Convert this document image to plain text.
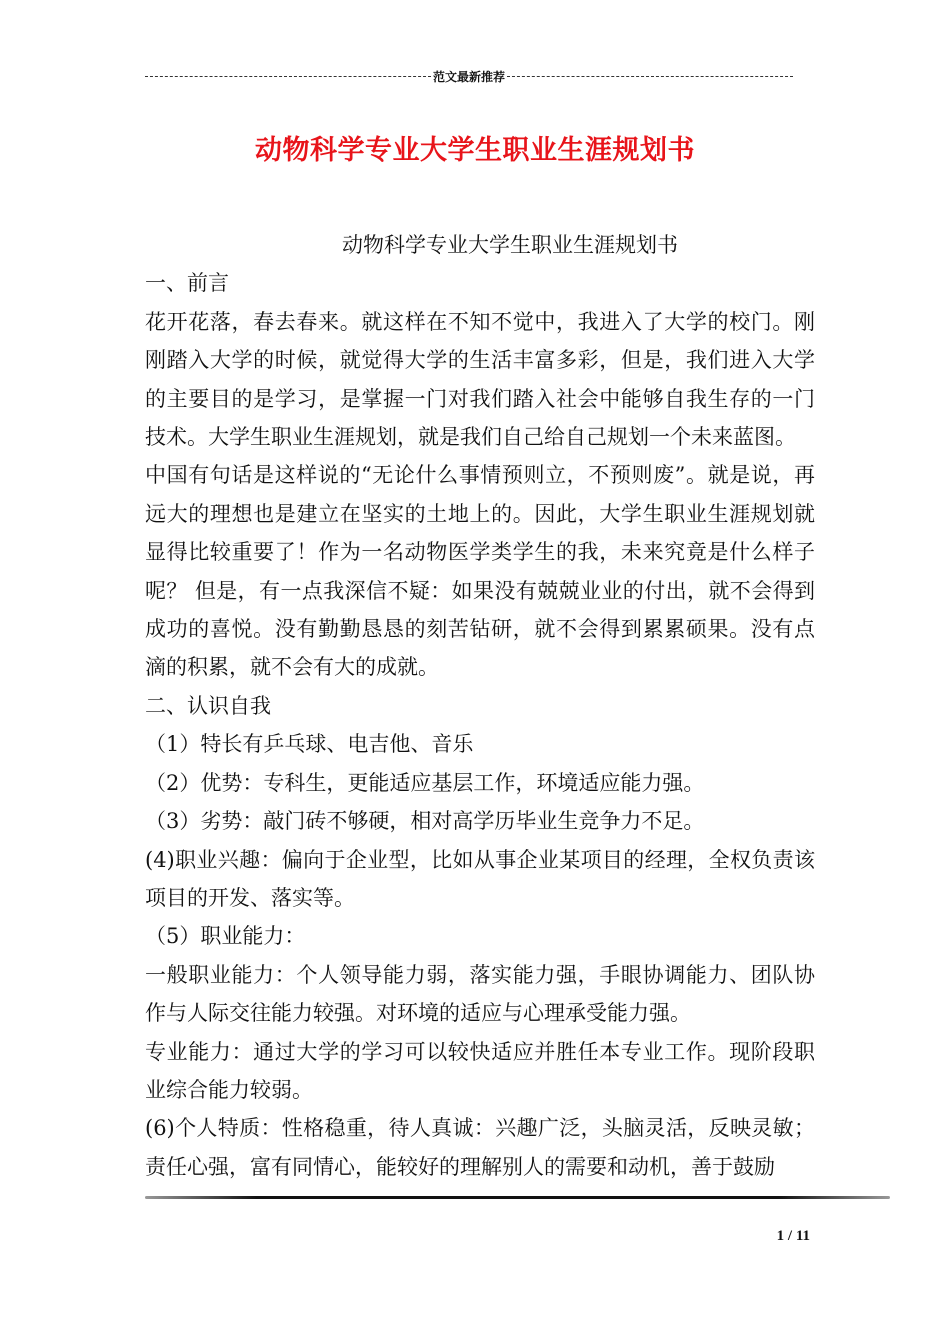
范文最新推荐
动物科学专业大学生职业生涯规划书

动物科学专业大学生职业生涯规划书

一、前言

花开花落，春去春来。就这样在不知不觉中，我进入了大学的校门。刚刚踏入大学的时候，就觉得大学的生活丰富多彩，但是，我们进入大学的主要目的是学习，是掌握一门对我们踏入社会中能够自我生存的一门技术。大学生职业生涯规划，就是我们自己给自己规划一个未来蓝图。

中国有句话是这样说的“无论什么事情预则立，不预则废”。就是说，再远大的理想也是建立在坚实的土地上的。因此，大学生职业生涯规划就显得比较重要了！作为一名动物医学类学生的我，未来究竟是什么样子呢？ 但是，有一点我深信不疑：如果没有兢兢业业的付出，就不会得到成功的喜悦。没有勤勤恳恳的刻苦钻研，就不会得到累累硕果。没有点滴的积累，就不会有大的成就。

二、认识自我

（1）特长有乒乓球、电吉他、音乐

（2）优势：专科生，更能适应基层工作，环境适应能力强。

（3）劣势：敲门砖不够硬，相对高学历毕业生竞争力不足。

(4)职业兴趣：偏向于企业型，比如从事企业某项目的经理，全权负责该项目的开发、落实等。

（5）职业能力：

一般职业能力：个人领导能力弱，落实能力强，手眼协调能力、团队协作与人际交往能力较强。对环境的适应与心理承受能力强。

专业能力：通过大学的学习可以较快适应并胜任本专业工作。现阶段职业综合能力较弱。

(6)个人特质：性格稳重，待人真诚：兴趣广泛，头脑灵活，反映灵敏；责任心强，富有同情心，能较好的理解别人的需要和动机，善于鼓励

1 / 11
